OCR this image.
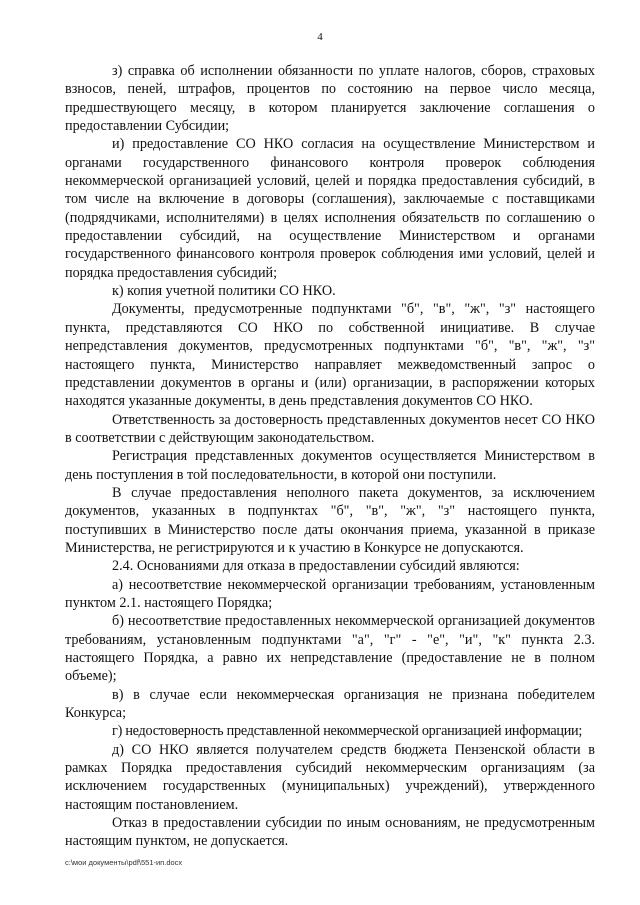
4

з) справка об исполнении обязанности по уплате налогов, сборов, страховых взносов, пеней, штрафов, процентов по состоянию на первое число месяца, предшествующего месяцу, в котором планируется заключение соглашения о предоставлении Субсидии;

и) предоставление СО НКО согласия на осуществление Министерством и органами государственного финансового контроля проверок соблюдения некоммерческой организацией условий, целей и порядка предоставления субсидий, в том числе на включение в договоры (соглашения), заключаемые с поставщиками (подрядчиками, исполнителями) в целях исполнения обязательств по соглашению о предоставлении субсидий, на осуществление Министерством и органами государственного финансового контроля проверок соблюдения ими условий, целей и порядка предоставления субсидий;

к) копия учетной политики СО НКО.

Документы, предусмотренные подпунктами "б", "в", "ж", "з" настоящего пункта, представляются СО НКО по собственной инициативе. В случае непредставления документов, предусмотренных подпунктами "б", "в", "ж", "з" настоящего пункта, Министерство направляет межведомственный запрос о представлении документов в органы и (или) организации, в распоряжении которых находятся указанные документы, в день представления документов СО НКО.

Ответственность за достоверность представленных документов несет СО НКО в соответствии с действующим законодательством.

Регистрация представленных документов осуществляется Министерством в день поступления в той последовательности, в которой они поступили.

В случае предоставления неполного пакета документов, за исключением документов, указанных в подпунктах "б", "в", "ж", "з" настоящего пункта, поступивших в Министерство после даты окончания приема, указанной в приказе Министерства, не регистрируются и к участию в Конкурсе не допускаются.

2.4. Основаниями для отказа в предоставлении субсидий являются:

а) несоответствие некоммерческой организации требованиям, установленным пунктом 2.1. настоящего Порядка;

б) несоответствие предоставленных некоммерческой организацией документов требованиям, установленным подпунктами "а", "г" - "е", "и", "к" пункта 2.3. настоящего Порядка, а равно их непредставление (предоставление не в полном объеме);

в) в случае если некоммерческая организация не признана победителем Конкурса;

г) недостоверность представленной некоммерческой организацией информации;

д) СО НКО является получателем средств бюджета Пензенской области в рамках Порядка предоставления субсидий некоммерческим организациям (за исключением государственных (муниципальных) учреждений), утвержденного настоящим постановлением.

Отказ в предоставлении субсидии по иным основаниям, не предусмотренным настоящим пунктом, не допускается.

с:\мои документы\pdf\551-ип.docx
